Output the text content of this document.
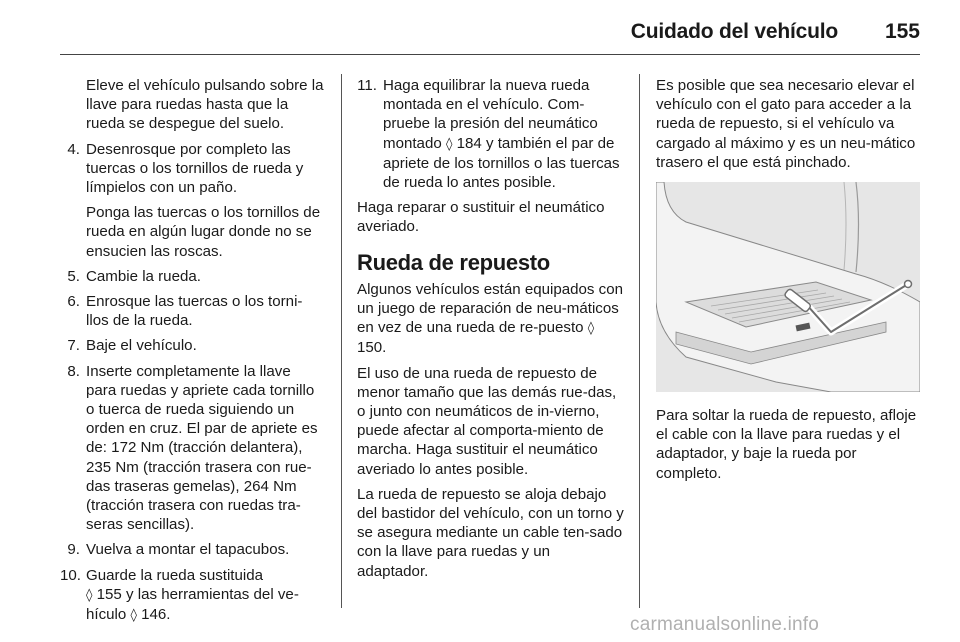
Cuidado del vehículo 155

Eleve el vehículo pulsando sobre la llave para ruedas hasta que la rueda se despegue del suelo.

4. Desenrosque por completo las tuercas o los tornillos de rueda y límpielos con un paño.

Ponga las tuercas o los tornillos de rueda en algún lugar donde no se ensucien las roscas.

5. Cambie la rueda.
6. Enrosque las tuercas o los torni-llos de la rueda.
7. Baje el vehículo.
8. Inserte completamente la llave para ruedas y apriete cada tornillo o tuerca de rueda siguiendo un orden en cruz. El par de apriete es de: 172 Nm (tracción delantera), 235 Nm (tracción trasera con rue-das traseras gemelas), 264 Nm (tracción trasera con ruedas tra-seras sencillas).
9. Vuelva a montar el tapacubos.
10. Guarde la rueda sustituida
◊ 155 y las herramientas del ve-hículo ◊ 146.
11. Haga equilibrar la nueva rueda montada en el vehículo. Com-pruebe la presión del neumático montado ◊ 184 y también el par de apriete de los tornillos o las tuercas de rueda lo antes posible.

Haga reparar o sustituir el neumático averiado.

Rueda de repuesto

Algunos vehículos están equipados con un juego de reparación de neu-máticos en vez de una rueda de re-puesto ◊ 150.

El uso de una rueda de repuesto de menor tamaño que las demás rue-das, o junto con neumáticos de in-vierno, puede afectar al comporta-miento de marcha. Haga sustituir el neumático averiado lo antes posible.

La rueda de repuesto se aloja debajo del bastidor del vehículo, con un torno y se asegura mediante un cable ten-sado con la llave para ruedas y un adaptador.

Es posible que sea necesario elevar el vehículo con el gato para acceder a la rueda de repuesto, si el vehículo va cargado al máximo y es un neu-mático trasero el que está pinchado.

Para soltar la rueda de repuesto, afloje el cable con la llave para ruedas y el adaptador, y baje la rueda por completo.

carmanualsonline.info
